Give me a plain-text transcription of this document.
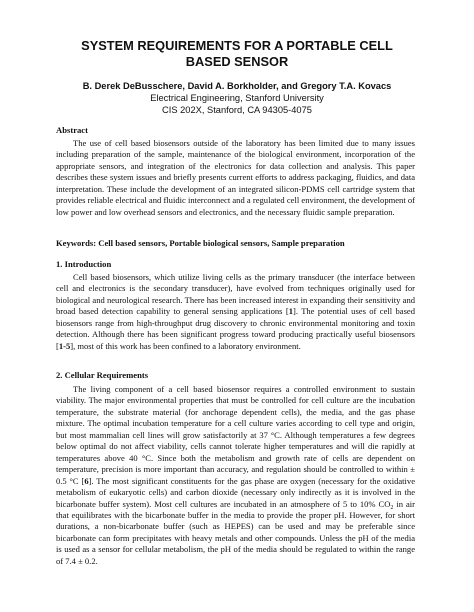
SYSTEM REQUIREMENTS FOR A PORTABLE CELL
BASED SENSOR
B. Derek DeBusschere, David A. Borkholder, and Gregory T.A. Kovacs
Electrical Engineering, Stanford University
CIS 202X, Stanford, CA 94305-4075
Abstract

The use of cell based biosensors outside of the laboratory has been limited due to many issues including preparation of the sample, maintenance of the biological environment, incorporation of the appropriate sensors, and integration of the electronics for data collection and analysis. This paper describes these system issues and briefly presents current efforts to address packaging, fluidics, and data interpretation. These include the development of an integrated silicon-PDMS cell cartridge system that provides reliable electrical and fluidic interconnect and a regulated cell environment, the development of low power and low overhead sensors and electronics, and the necessary fluidic sample preparation.

Keywords: Cell based sensors, Portable biological sensors, Sample preparation
1. Introduction

Cell based biosensors, which utilize living cells as the primary transducer (the interface between cell and electronics is the secondary transducer), have evolved from techniques originally used for biological and neurological research. There has been increased interest in expanding their sensitivity and broad based detection capability to general sensing applications [1]. The potential uses of cell based biosensors range from high-throughput drug discovery to chronic environmental monitoring and toxin detection. Although there has been significant progress toward producing practically useful biosensors [1-5], most of this work has been confined to a laboratory environment.

2. Cellular Requirements

The living component of a cell based biosensor requires a controlled environment to sustain viability. The major environmental properties that must be controlled for cell culture are the incubation temperature, the substrate material (for anchorage dependent cells), the media, and the gas phase mixture. The optimal incubation temperature for a cell culture varies according to cell type and origin, but most mammalian cell lines will grow satisfactorily at 37 °C. Although temperatures a few degrees below optimal do not affect viability, cells cannot tolerate higher temperatures and will die rapidly at temperatures above 40 °C. Since both the metabolism and growth rate of cells are dependent on temperature, precision is more important than accuracy, and regulation should be controlled to within ± 0.5 °C [6]. The most significant constituents for the gas phase are oxygen (necessary for the oxidative metabolism of eukaryotic cells) and carbon dioxide (necessary only indirectly as it is involved in the bicarbonate buffer system). Most cell cultures are incubated in an atmosphere of 5 to 10% $CO_2$ in air that equilibrates with the bicarbonate buffer in the media to provide the proper pH. However, for short durations, a non-bicarbonate buffer (such as HEPES) can be used and may be preferable since bicarbonate can form precipitates with heavy metals and other compounds. Unless the pH of the media is used as a sensor for cellular metabolism, the pH of the media should be regulated to within the range of 7.4 ± 0.2.
